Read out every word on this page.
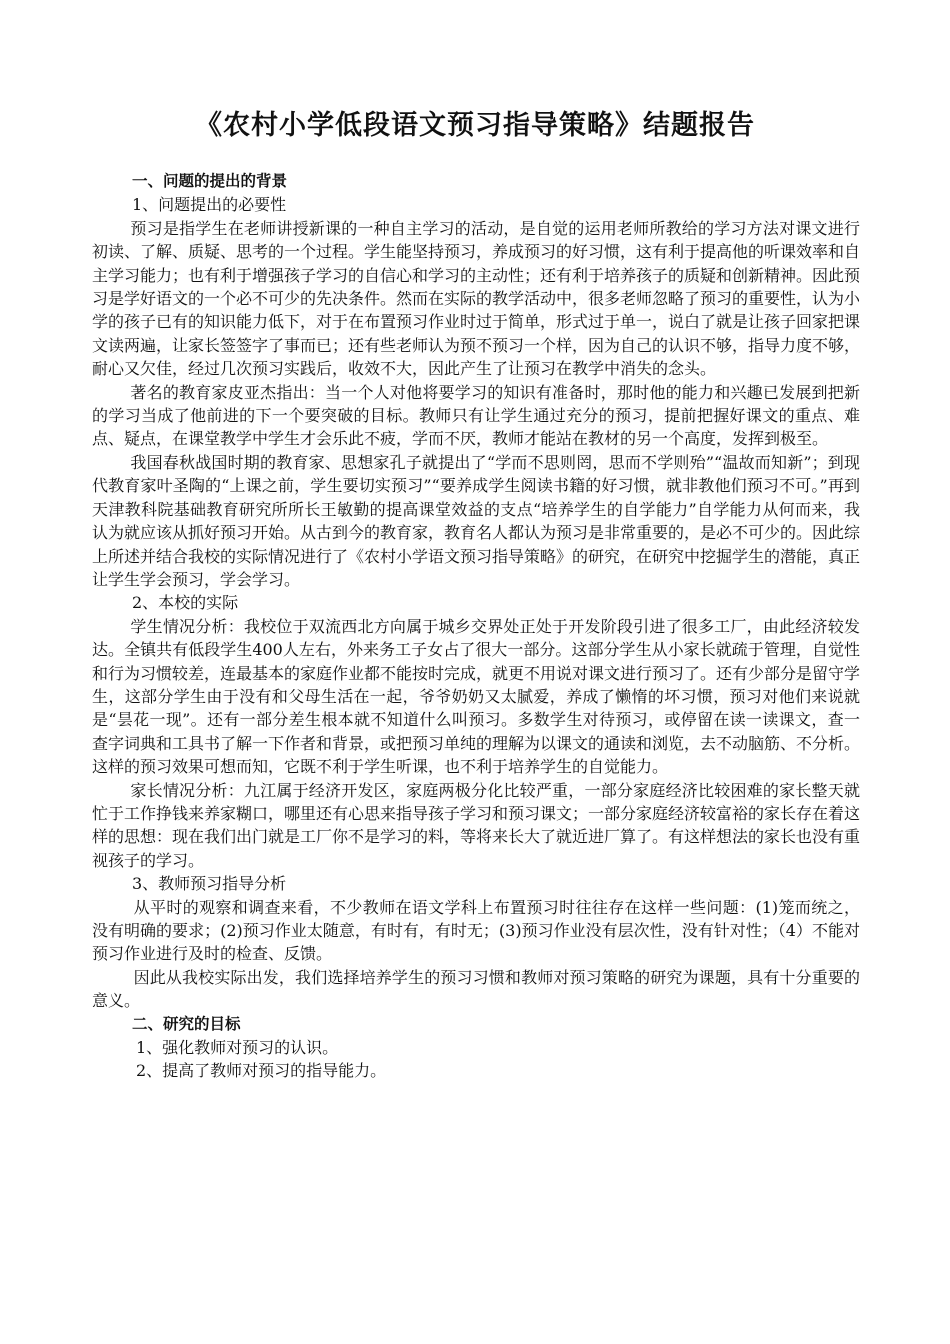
《农村小学低段语文预习指导策略》结题报告

一、问题的提出的背景

1、问题提出的必要性

预习是指学生在老师讲授新课的一种自主学习的活动，是自觉的运用老师所教给的学习方法对课文进行初读、了解、质疑、思考的一个过程。学生能坚持预习，养成预习的好习惯，这有利于提高他的听课效率和自主学习能力；也有利于增强孩子学习的自信心和学习的主动性；还有利于培养孩子的质疑和创新精神。因此预习是学好语文的一个必不可少的先决条件。然而在实际的教学活动中，很多老师忽略了预习的重要性，认为小学的孩子已有的知识能力低下，对于在布置预习作业时过于简单，形式过于单一，说白了就是让孩子回家把课文读两遍，让家长签签字了事而已；还有些老师认为预不预习一个样，因为自己的认识不够，指导力度不够，耐心又欠佳，经过几次预习实践后，收效不大，因此产生了让预习在教学中消失的念头。

著名的教育家皮亚杰指出：当一个人对他将要学习的知识有准备时，那时他的能力和兴趣已发展到把新的学习当成了他前进的下一个要突破的目标。教师只有让学生通过充分的预习，提前把握好课文的重点、难点、疑点，在课堂教学中学生才会乐此不疲，学而不厌，教师才能站在教材的另一个高度，发挥到极至。

我国春秋战国时期的教育家、思想家孔子就提出了“学而不思则罔，思而不学则殆”“温故而知新”；到现代教育家叶圣陶的“上课之前，学生要切实预习”“要养成学生阅读书籍的好习惯，就非教他们预习不可。”再到天津教科院基础教育研究所所长王敏勤的提高课堂效益的支点“培养学生的自学能力”自学能力从何而来，我认为就应该从抓好预习开始。从古到今的教育家，教育名人都认为预习是非常重要的，是必不可少的。因此综上所述并结合我校的实际情况进行了《农村小学语文预习指导策略》的研究，在研究中挖掘学生的潜能，真正让学生学会预习，学会学习。

2、本校的实际

学生情况分析：我校位于双流西北方向属于城乡交界处正处于开发阶段引进了很多工厂，由此经济较发达。全镇共有低段学生400人左右，外来务工子女占了很大一部分。这部分学生从小家长就疏于管理，自觉性和行为习惯较差，连最基本的家庭作业都不能按时完成，就更不用说对课文进行预习了。还有少部分是留守学生，这部分学生由于没有和父母生活在一起，爷爷奶奶又太腻爱，养成了懒惰的坏习惯，预习对他们来说就是“昙花一现”。还有一部分差生根本就不知道什么叫预习。多数学生对待预习，或停留在读一读课文，查一查字词典和工具书了解一下作者和背景，或把预习单纯的理解为以课文的通读和浏览，去不动脑筋、不分析。这样的预习效果可想而知，它既不利于学生听课，也不利于培养学生的自觉能力。

家长情况分析：九江属于经济开发区，家庭两极分化比较严重，一部分家庭经济比较困难的家长整天就忙于工作挣钱来养家糊口，哪里还有心思来指导孩子学习和预习课文；一部分家庭经济较富裕的家长存在着这样的思想：现在我们出门就是工厂你不是学习的料，等将来长大了就近进厂算了。有这样想法的家长也没有重视孩子的学习。

3、教师预习指导分析

从平时的观察和调查来看，不少教师在语文学科上布置预习时往往存在这样一些问题：(1)笼而统之，没有明确的要求；(2)预习作业太随意，有时有，有时无；(3)预习作业没有层次性，没有针对性；（4）不能对预习作业进行及时的检查、反馈。

因此从我校实际出发，我们选择培养学生的预习习惯和教师对预习策略的研究为课题，具有十分重要的意义。

二、研究的目标

1、强化教师对预习的认识。

2、提高了教师对预习的指导能力。
